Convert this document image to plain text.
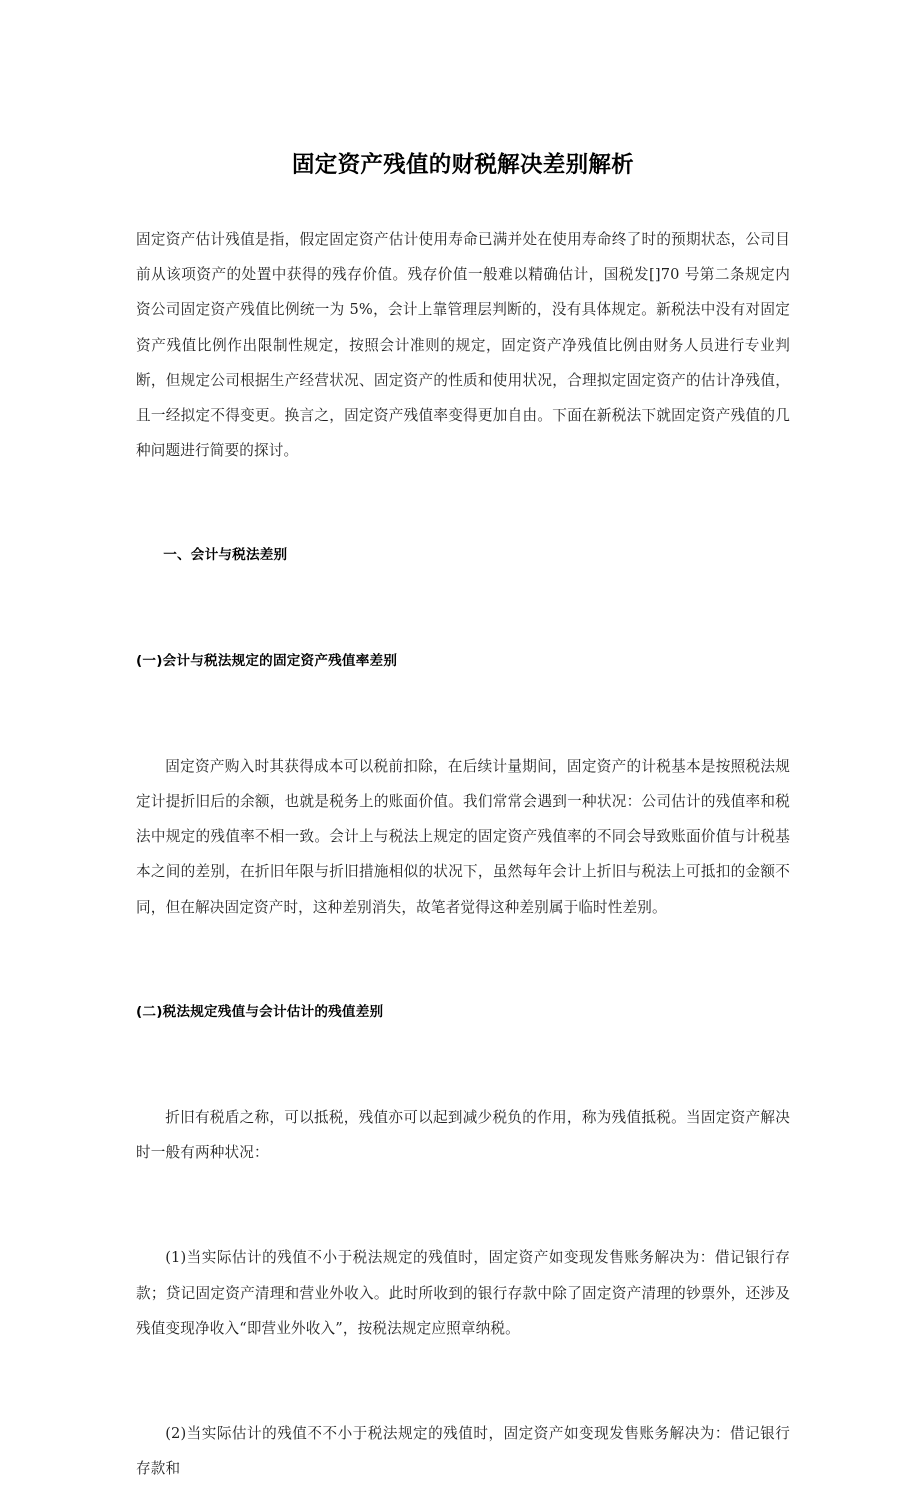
固定资产残值的财税解决差别解析

固定资产估计残值是指，假定固定资产估计使用寿命已满并处在使用寿命终了时的预期状态，公司目前从该项资产的处置中获得的残存价值。残存价值一般难以精确估计，国税发[]70 号第二条规定内资公司固定资产残值比例统一为 5%，会计上靠管理层判断的，没有具体规定。新税法中没有对固定资产残值比例作出限制性规定，按照会计准则的规定，固定资产净残值比例由财务人员进行专业判断，但规定公司根据生产经营状况、固定资产的性质和使用状况，合理拟定固定资产的估计净残值，且一经拟定不得变更。换言之，固定资产残值率变得更加自由。下面在新税法下就固定资产残值的几种问题进行简要的探讨。

一、会计与税法差别
(一)会计与税法规定的固定资产残值率差别

固定资产购入时其获得成本可以税前扣除，在后续计量期间，固定资产的计税基本是按照税法规定计提折旧后的余额，也就是税务上的账面价值。我们常常会遇到一种状况：公司估计的残值率和税法中规定的残值率不相一致。会计上与税法上规定的固定资产残值率的不同会导致账面价值与计税基本之间的差别，在折旧年限与折旧措施相似的状况下，虽然每年会计上折旧与税法上可抵扣的金额不同，但在解决固定资产时，这种差别消失，故笔者觉得这种差别属于临时性差别。

(二)税法规定残值与会计估计的残值差别

折旧有税盾之称，可以抵税，残值亦可以起到减少税负的作用，称为残值抵税。当固定资产解决时一般有两种状况：

(1)当实际估计的残值不小于税法规定的残值时，固定资产如变现发售账务解决为：借记银行存款；贷记固定资产清理和营业外收入。此时所收到的银行存款中除了固定资产清理的钞票外，还涉及残值变现净收入“即营业外收入”，按税法规定应照章纳税。

(2)当实际估计的残值不不小于税法规定的残值时，固定资产如变现发售账务解决为：借记银行存款和
